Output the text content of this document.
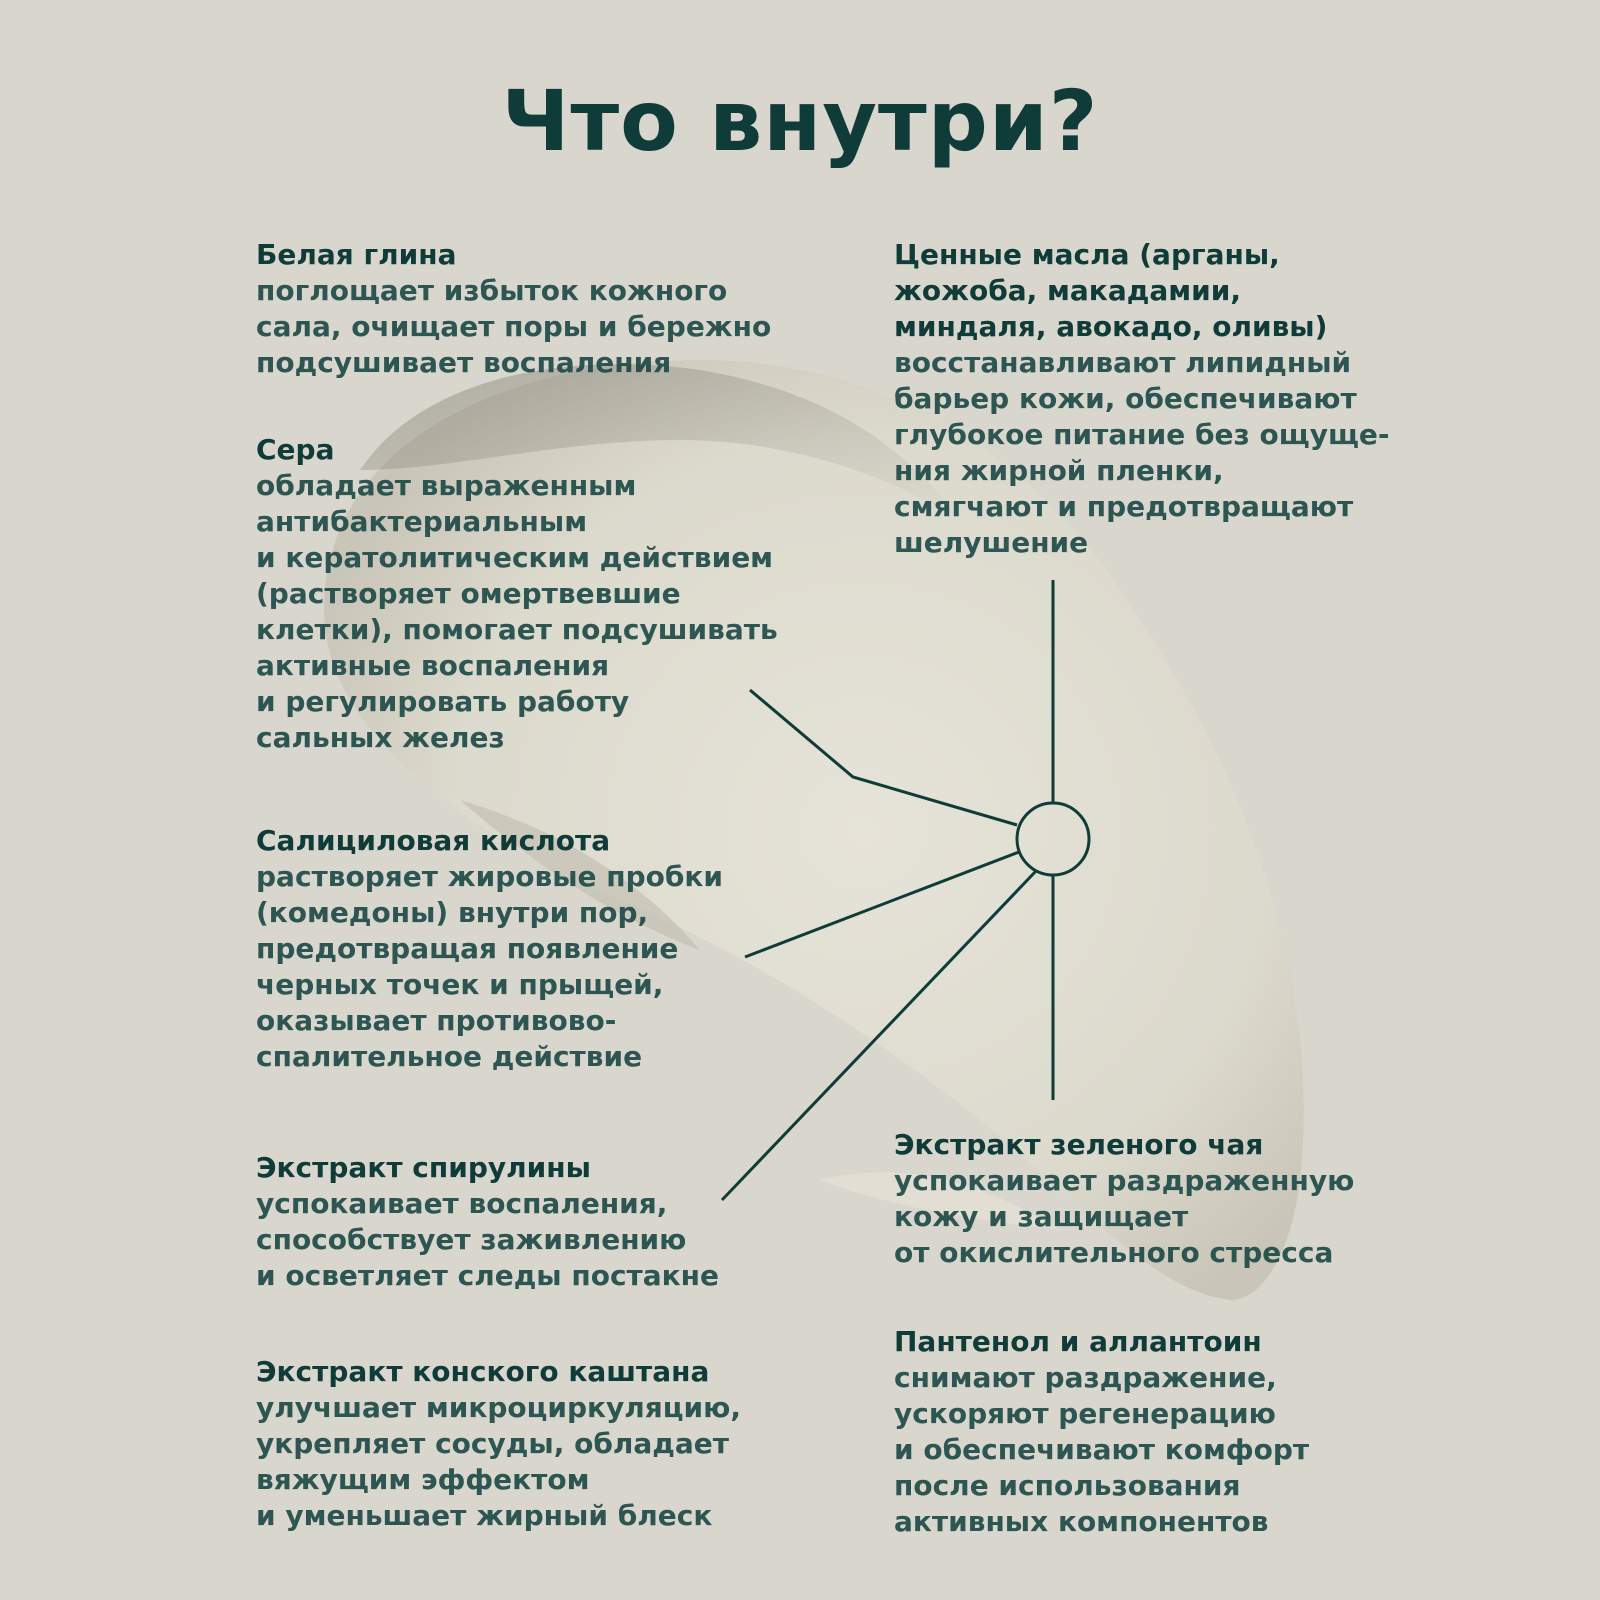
Что внутри?
Белая глина
поглощает избыток кожного
сала, очищает поры и бережно
подсушивает воспаления
Сера
обладает выраженным
антибактериальным
и кератолитическим действием
(растворяет омертвевшие
клетки), помогает подсушивать
активные воспаления
и регулировать работу
сальных желез
Салициловая кислота
растворяет жировые пробки
(комедоны) внутри пор,
предотвращая появление
черных точек и прыщей,
оказывает противово-
спалительное действие
Экстракт спирулины
успокаивает воспаления,
способствует заживлению
и осветляет следы постакне
Экстракт конского каштана
улучшает микроциркуляцию,
укрепляет сосуды, обладает
вяжущим эффектом
и уменьшает жирный блеск
Ценные масла (арганы,
жожоба, макадамии,
миндаля, авокадо, оливы)
восстанавливают липидный
барьер кожи, обеспечивают
глубокое питание без ощуще-
ния жирной пленки,
смягчают и предотвращают
шелушение
Экстракт зеленого чая
успокаивает раздраженную
кожу и защищает
от окислительного стресса
Пантенол и аллантоин
снимают раздражение,
ускоряют регенерацию
и обеспечивают комфорт
после использования
активных компонентов
